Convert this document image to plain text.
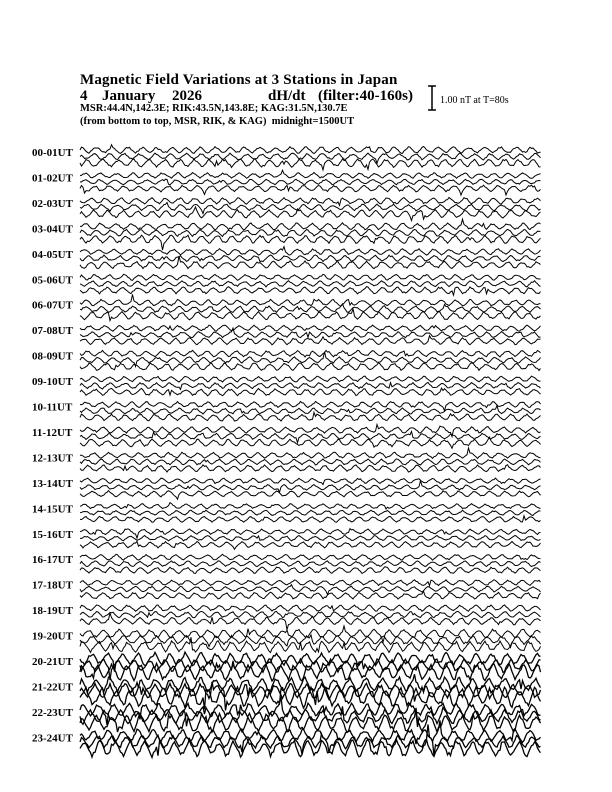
Magnetic Field Variations at 3 Stations in Japan
4 January 2026	dH/dt (filter:40-160s)
MSR:44.4N,142.3E; RIK:43.5N,143.8E; KAG:31.5N,130.7E
(from bottom to top, MSR, RIK, & KAG) midnight=1500UT
1.00 nT at T=80s
00-01UT
01-02UT
02-03UT
03-04UT
04-05UT
05-06UT
06-07UT
07-08UT
08-09UT
09-10UT
10-11UT
11-12UT
12-13UT
13-14UT
14-15UT
15-16UT
16-17UT
17-18UT
18-19UT
19-20UT
20-21UT
21-22UT
22-23UT
23-24UT
